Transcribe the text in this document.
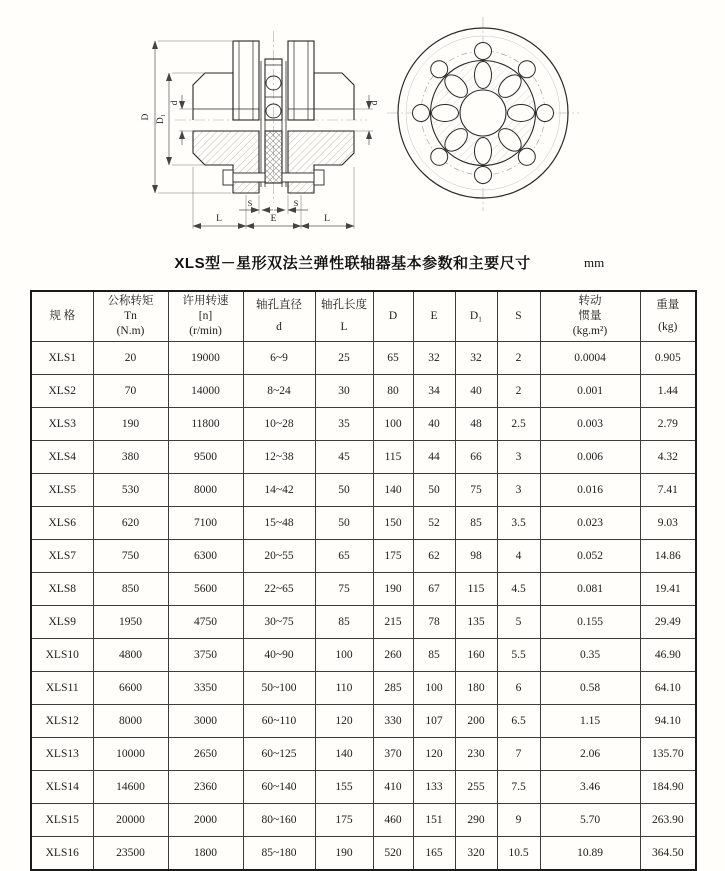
D D₁
d	d
L	E	L
S	S
XLS型－星形双法兰弹性联轴器基本参数和主要尺寸	mm
规 格

公称转矩
Tn
(N.m)

许用转速
[n]
(r/min)

轴孔直径
d

轴孔长度
L

D	E	D₁	S

转动
惯量
(kg.m²)

重量
(kg)

XLS1	20	19000	6~9	25	65	32	32	2	0.0004	0.905
XLS2	70	14000	8~24	30	80	34	40	2	0.001	1.44
XLS3	190	11800	10~28	35	100	40	48	2.5	0.003	2.79
XLS4	380	9500	12~38	45	115	44	66	3	0.006	4.32
XLS5	530	8000	14~42	50	140	50	75	3	0.016	7.41
XLS6	620	7100	15~48	50	150	52	85	3.5	0.023	9.03
XLS7	750	6300	20~55	65	175	62	98	4	0.052	14.86
XLS8	850	5600	22~65	75	190	67	115	4.5	0.081	19.41
XLS9	1950	4750	30~75	85	215	78	135	5	0.155	29.49
XLS10	4800	3750	40~90	100	260	85	160	5.5	0.35	46.90
XLS11	6600	3350	50~100	110	285	100	180	6	0.58	64.10
XLS12	8000	3000	60~110	120	330	107	200	6.5	1.15	94.10
XLS13	10000	2650	60~125	140	370	120	230	7	2.06	135.70
XLS14	14600	2360	60~140	155	410	133	255	7.5	3.46	184.90
XLS15	20000	2000	80~160	175	460	151	290	9	5.70	263.90
XLS16	23500	1800	85~180	190	520	165	320	10.5	10.89	364.50
